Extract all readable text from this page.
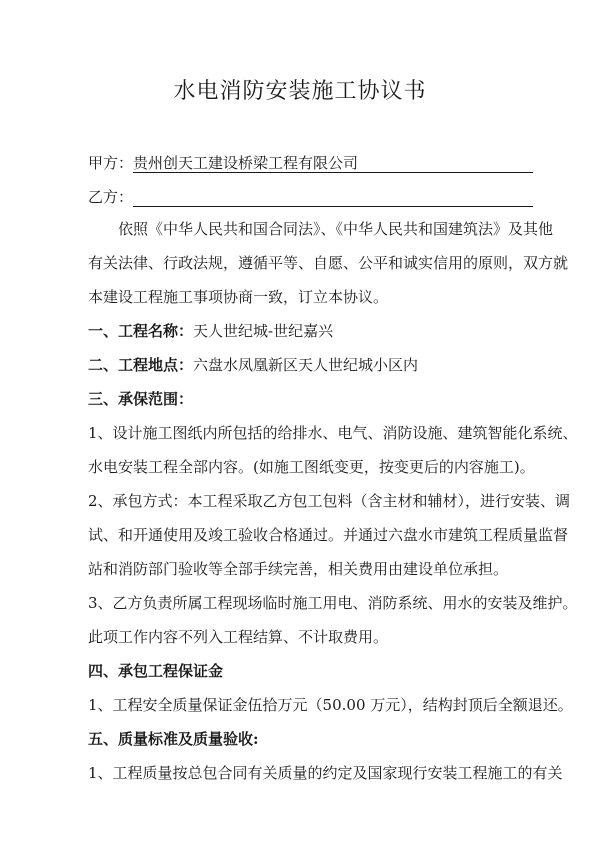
水电消防安装施工协议书
甲方： 贵州创天工建设桥梁工程有限公司
乙方：

依照《中华人民共和国合同法》、《中华人民共和国建筑法》及其他

有关法律、行政法规，遵循平等、自愿、公平和诚实信用的原则，双方就

本建设工程施工事项协商一致，订立本协议。

一、工程名称：天人世纪城-世纪嘉兴

二、工程地点：六盘水凤凰新区天人世纪城小区内

三、承保范围：

1、设计施工图纸内所包括的给排水、电气、消防设施、建筑智能化系统、

水电安装工程全部内容。(如施工图纸变更，按变更后的内容施工)。

2、承包方式：本工程采取乙方包工包料（含主材和辅材），进行安装、调

试、和开通使用及竣工验收合格通过。并通过六盘水市建筑工程质量监督

站和消防部门验收等全部手续完善，相关费用由建设单位承担。

3、乙方负责所属工程现场临时施工用电、消防系统、用水的安装及维护。

此项工作内容不列入工程结算、不计取费用。

四、承包工程保证金

1、工程安全质量保证金伍拾万元（50.00 万元），结构封顶后全额退还。

五、质量标准及质量验收:

1、工程质量按总包合同有关质量的约定及国家现行安装工程施工的有关
